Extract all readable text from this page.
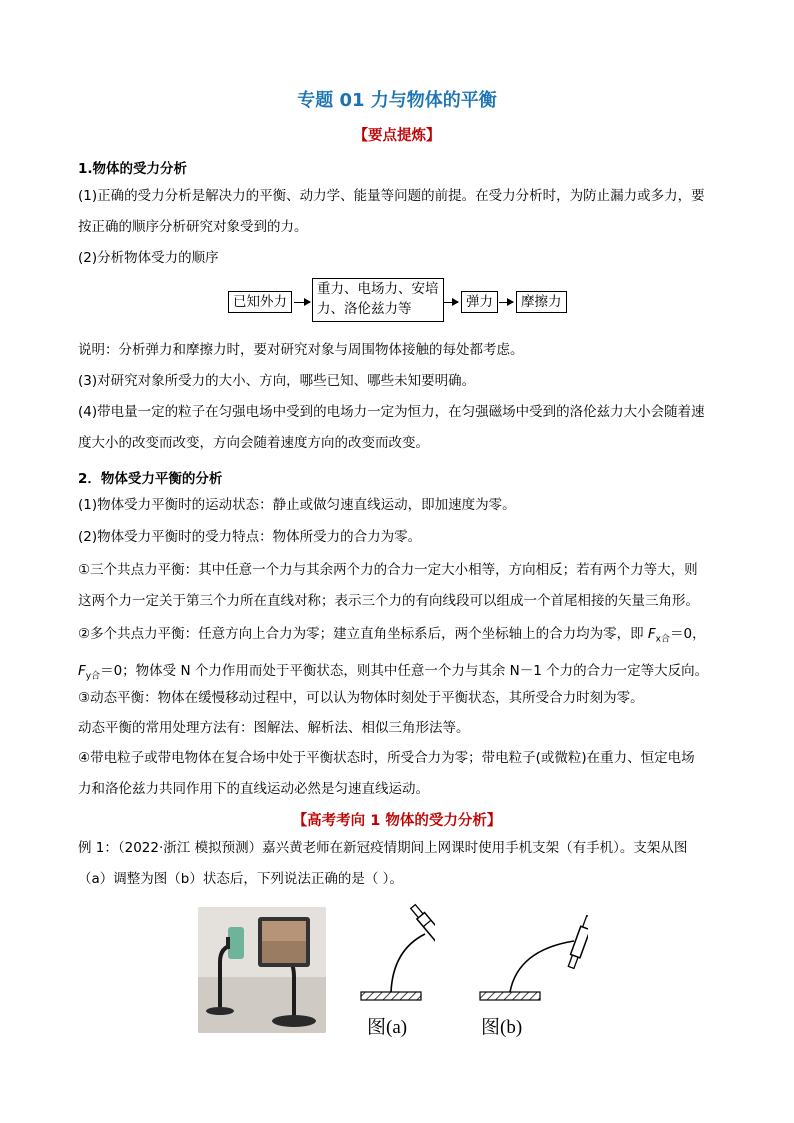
专题 01 力与物体的平衡
【要点提炼】
1.物体的受力分析
(1)正确的受力分析是解决力的平衡、动力学、能量等问题的前提。在受力分析时，为防止漏力或多力，要
按正确的顺序分析研究对象受到的力。
(2)分析物体受力的顺序
已知外力
重力、电场力、安培
力、洛伦兹力等	弹力	摩擦力
说明：分析弹力和摩擦力时，要对研究对象与周围物体接触的每处都考虑。
(3)对研究对象所受力的大小、方向，哪些已知、哪些未知要明确。
(4)带电量一定的粒子在匀强电场中受到的电场力一定为恒力，在匀强磁场中受到的洛伦兹力大小会随着速
度大小的改变而改变，方向会随着速度方向的改变而改变。
2．物体受力平衡的分析
(1)物体受力平衡时的运动状态：静止或做匀速直线运动，即加速度为零。
(2)物体受力平衡时的受力特点：物体所受力的合力为零。
①三个共点力平衡：其中任意一个力与其余两个力的合力一定大小相等，方向相反；若有两个力等大，则
这两个力一定关于第三个力所在直线对称；表示三个力的有向线段可以组成一个首尾相接的矢量三角形。
②多个共点力平衡：任意方向上合力为零；建立直角坐标系后，两个坐标轴上的合力均为零，即 $F_{x合}=0$，
$F_{y合}=0$；物体受 N 个力作用而处于平衡状态，则其中任意一个力与其余 N－1 个力的合力一定等大反向。
③动态平衡：物体在缓慢移动过程中，可以认为物体时刻处于平衡状态，其所受合力时刻为零。
动态平衡的常用处理方法有：图解法、解析法、相似三角形法等。
④带电粒子或带电物体在复合场中处于平衡状态时，所受合力为零；带电粒子(或微粒)在重力、恒定电场
力和洛伦兹力共同作用下的直线运动必然是匀速直线运动。
【高考考向 1 物体的受力分析】
例 1：（2022·浙江 模拟预测）嘉兴黄老师在新冠疫情期间上网课时使用手机支架（有手机）。支架从图
（a）调整为图（b）状态后，下列说法正确的是（ ）。
图(a)	图(b)
